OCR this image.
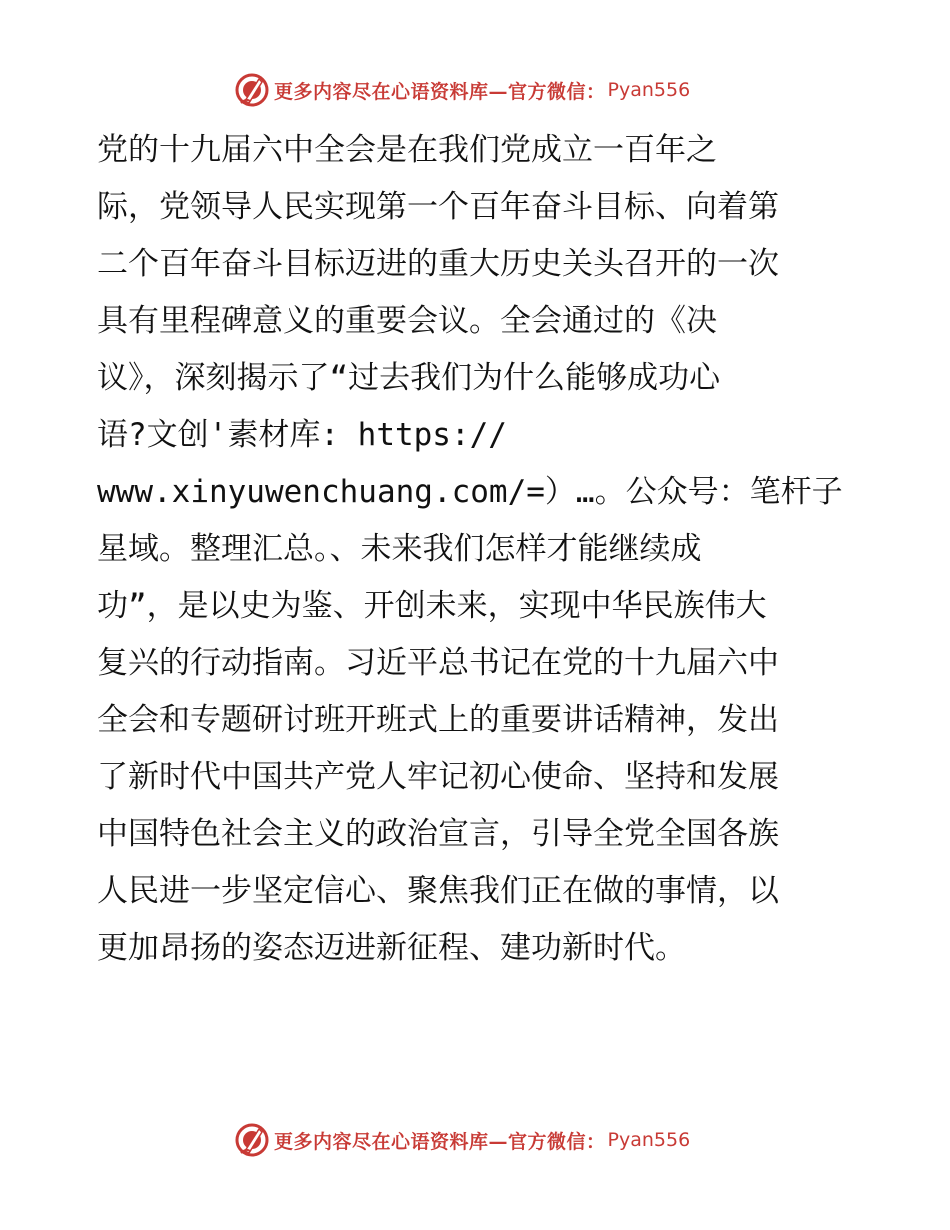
更多内容尽在心语资料库—官方微信： Pyan556
党的十九届六中全会是在我们党成立一百年之
际，党领导人民实现第一个百年奋斗目标、向着第
二个百年奋斗目标迈进的重大历史关头召开的一次
具有里程碑意义的重要会议。全会通过的《决
议》，深刻揭示了“过去我们为什么能够成功心
语?文创'素材库: https://
www.xinyuwenchuang.com/=）…。公众号：笔杆子
星域。整理汇总。、未来我们怎样才能继续成
功”，是以史为鉴、开创未来，实现中华民族伟大
复兴的行动指南。习近平总书记在党的十九届六中
全会和专题研讨班开班式上的重要讲话精神，发出
了新时代中国共产党人牢记初心使命、坚持和发展
中国特色社会主义的政治宣言，引导全党全国各族
人民进一步坚定信心、聚焦我们正在做的事情，以
更加昂扬的姿态迈进新征程、建功新时代。
更多内容尽在心语资料库—官方微信： Pyan556
